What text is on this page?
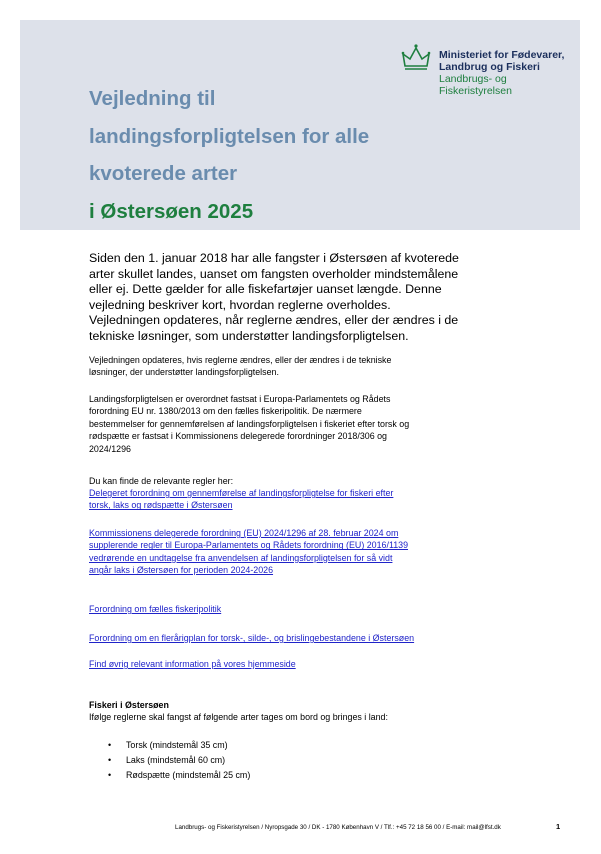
Ministeriet for Fødevarer,
Landbrug og Fiskeri
Landbrugs- og Fiskeristyrelsen
Vejledning til
landingsforpligtelsen for alle
kvoterede arter
i Østersøen 2025
Siden den 1. januar 2018 har alle fangster i Østersøen af kvoterede
arter skullet landes, uanset om fangsten overholder mindstemålene
eller ej. Dette gælder for alle fiskefartøjer uanset længde. Denne
vejledning beskriver kort, hvordan reglerne overholdes.
Vejledningen opdateres, når reglerne ændres, eller der ændres i de
tekniske løsninger, som understøtter landingsforpligtelsen.
Vejledningen opdateres, hvis reglerne ændres, eller der ændres i de tekniske
løsninger, der understøtter landingsforpligtelsen.
Landingsforpligtelsen er overordnet fastsat i Europa-Parlamentets og Rådets
forordning EU nr. 1380/2013 om den fælles fiskeripolitik. De nærmere
bestemmelser for gennemførelsen af landingsforpligtelsen i fiskeriet efter torsk og
rødspætte er fastsat i Kommissionens delegerede forordninger 2018/306 og
2024/1296
Du kan finde de relevante regler her:
Delegeret forordning om gennemførelse af landingsforpligtelse for fiskeri efter
torsk, laks og rødspætte i Østersøen
Kommissionens delegerede forordning (EU) 2024/1296 af 28. februar 2024 om
supplerende regler til Europa-Parlamentets og Rådets forordning (EU) 2016/1139
vedrørende en undtagelse fra anvendelsen af landingsforpligtelsen for så vidt
angår laks i Østersøen for perioden 2024-2026
Forordning om fælles fiskeripolitik
Forordning om en flerårigplan for torsk-, silde-, og brislingebestandene i Østersøen
Find øvrig relevant information på vores hjemmeside
Fiskeri i Østersøen
Ifølge reglerne skal fangst af følgende arter tages om bord og bringes i land:
• Torsk (mindstemål 35 cm)
• Laks (mindstemål 60 cm)
• Rødspætte (mindstemål 25 cm)
Landbrugs- og Fiskeristyrelsen / Nyropsgade 30 / DK - 1780 København V / Tlf.: +45 72 18 56 00 / E-mail: mail@lfst.dk	1
